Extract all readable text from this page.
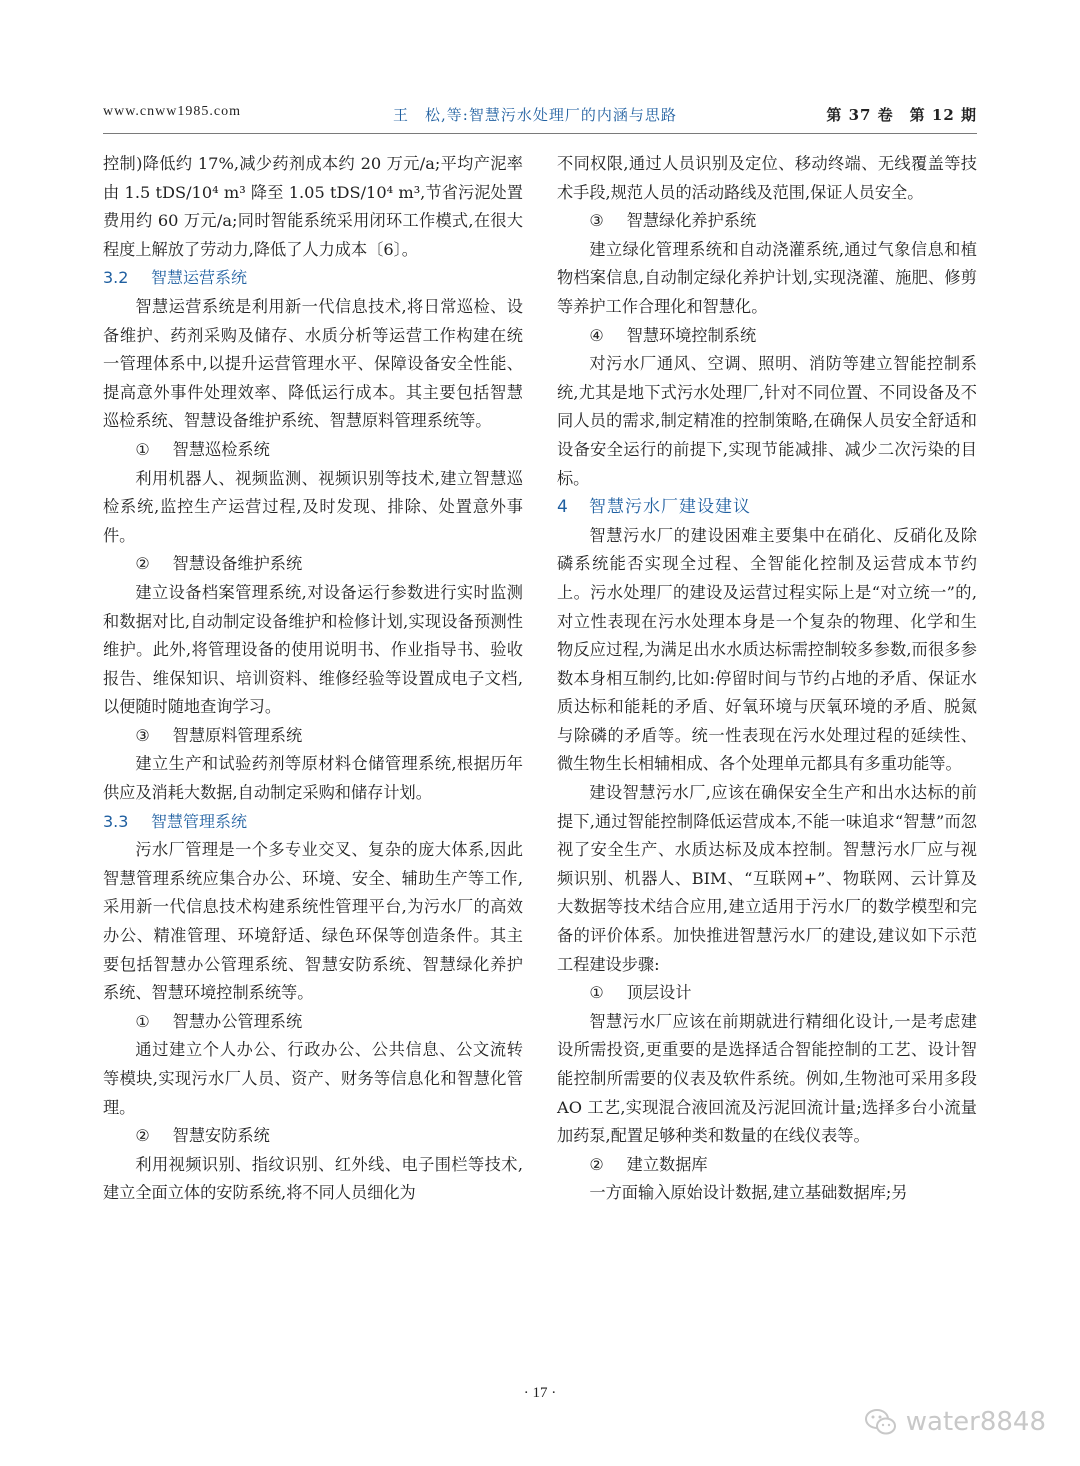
www.cnww1985.com	王　松,等:智慧污水处理厂的内涵与思路	第 37 卷　第 12 期

控制)降低约 17%,减少药剂成本约 20 万元/a;平均产泥率由 1.5 tDS/10⁴ m³ 降至 1.05 tDS/10⁴ m³,节省污泥处置费用约 60 万元/a;同时智能系统采用闭环工作模式,在很大程度上解放了劳动力,降低了人力成本〔6〕。

3.2 智慧运营系统

智慧运营系统是利用新一代信息技术,将日常巡检、设备维护、药剂采购及储存、水质分析等运营工作构建在统一管理体系中,以提升运营管理水平、保障设备安全性能、提高意外事件处理效率、降低运行成本。其主要包括智慧巡检系统、智慧设备维护系统、智慧原料管理系统等。

① 智慧巡检系统

利用机器人、视频监测、视频识别等技术,建立智慧巡检系统,监控生产运营过程,及时发现、排除、处置意外事件。

② 智慧设备维护系统

建立设备档案管理系统,对设备运行参数进行实时监测和数据对比,自动制定设备维护和检修计划,实现设备预测性维护。此外,将管理设备的使用说明书、作业指导书、验收报告、维保知识、培训资料、维修经验等设置成电子文档,以便随时随地查询学习。

③ 智慧原料管理系统

建立生产和试验药剂等原材料仓储管理系统,根据历年供应及消耗大数据,自动制定采购和储存计划。

3.3 智慧管理系统

污水厂管理是一个多专业交叉、复杂的庞大体系,因此智慧管理系统应集合办公、环境、安全、辅助生产等工作,采用新一代信息技术构建系统性管理平台,为污水厂的高效办公、精准管理、环境舒适、绿色环保等创造条件。其主要包括智慧办公管理系统、智慧安防系统、智慧绿化养护系统、智慧环境控制系统等。

① 智慧办公管理系统

通过建立个人办公、行政办公、公共信息、公文流转等模块,实现污水厂人员、资产、财务等信息化和智慧化管理。

② 智慧安防系统

利用视频识别、指纹识别、红外线、电子围栏等技术,建立全面立体的安防系统,将不同人员细化为

不同权限,通过人员识别及定位、移动终端、无线覆盖等技术手段,规范人员的活动路线及范围,保证人员安全。

③ 智慧绿化养护系统

建立绿化管理系统和自动浇灌系统,通过气象信息和植物档案信息,自动制定绿化养护计划,实现浇灌、施肥、修剪等养护工作合理化和智慧化。

④ 智慧环境控制系统

对污水厂通风、空调、照明、消防等建立智能控制系统,尤其是地下式污水处理厂,针对不同位置、不同设备及不同人员的需求,制定精准的控制策略,在确保人员安全舒适和设备安全运行的前提下,实现节能减排、减少二次污染的目标。

4 智慧污水厂建设建议

智慧污水厂的建设困难主要集中在硝化、反硝化及除磷系统能否实现全过程、全智能化控制及运营成本节约上。污水处理厂的建设及运营过程实际上是“对立统一”的,对立性表现在污水处理本身是一个复杂的物理、化学和生物反应过程,为满足出水水质达标需控制较多参数,而很多参数本身相互制约,比如:停留时间与节约占地的矛盾、保证水质达标和能耗的矛盾、好氧环境与厌氧环境的矛盾、脱氮与除磷的矛盾等。统一性表现在污水处理过程的延续性、微生物生长相辅相成、各个处理单元都具有多重功能等。

建设智慧污水厂,应该在确保安全生产和出水达标的前提下,通过智能控制降低运营成本,不能一味追求“智慧”而忽视了安全生产、水质达标及成本控制。智慧污水厂应与视频识别、机器人、BIM、“互联网+”、物联网、云计算及大数据等技术结合应用,建立适用于污水厂的数学模型和完备的评价体系。加快推进智慧污水厂的建设,建议如下示范工程建设步骤:

① 顶层设计

智慧污水厂应该在前期就进行精细化设计,一是考虑建设所需投资,更重要的是选择适合智能控制的工艺、设计智能控制所需要的仪表及软件系统。例如,生物池可采用多段 AO 工艺,实现混合液回流及污泥回流计量;选择多台小流量加药泵,配置足够种类和数量的在线仪表等。

② 建立数据库

一方面输入原始设计数据,建立基础数据库;另

· 17 ·
water8848
